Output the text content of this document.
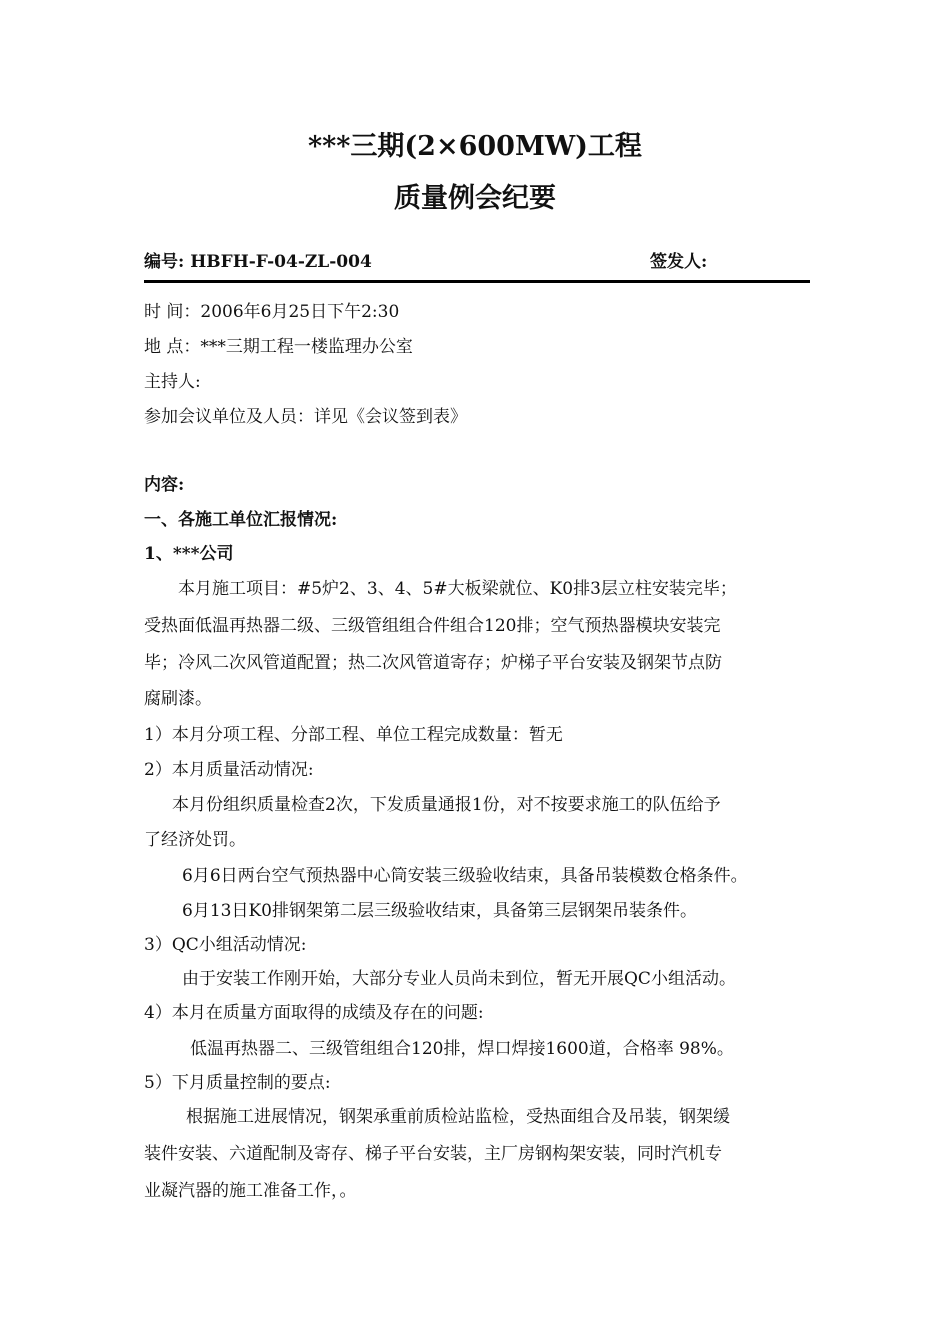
***三期(2×600MW)工程
质量例会纪要
编号: HBFH-F-04-ZL-004	签发人:
时 间：2006年6月25日下午2:30
地 点：***三期工程一楼监理办公室
主持人:
参加会议单位及人员：详见《会议签到表》
内容:
一、各施工单位汇报情况:
1、***公司
本月施工项目：#5炉2、3、4、5#大板梁就位、K0排3层立柱安装完毕；
受热面低温再热器二级、三级管组组合件组合120排；空气预热器模块安装完
毕；冷风二次风管道配置；热二次风管道寄存；炉梯子平台安装及钢架节点防
腐刷漆。
1）本月分项工程、分部工程、单位工程完成数量：暂无
2）本月质量活动情况:
本月份组织质量检查2次，下发质量通报1份，对不按要求施工的队伍给予
了经济处罚。
6月6日两台空气预热器中心筒安装三级验收结束，具备吊装模数仓格条件。
6月13日K0排钢架第二层三级验收结束，具备第三层钢架吊装条件。
3）QC小组活动情况:
由于安装工作刚开始，大部分专业人员尚未到位，暂无开展QC小组活动。
4）本月在质量方面取得的成绩及存在的问题:
低温再热器二、三级管组组合120排，焊口焊接1600道，合格率 98%。
5）下月质量控制的要点:
根据施工进展情况，钢架承重前质检站监检，受热面组合及吊装，钢架缓
装件安装、六道配制及寄存、梯子平台安装，主厂房钢构架安装，同时汽机专
业凝汽器的施工准备工作，。
